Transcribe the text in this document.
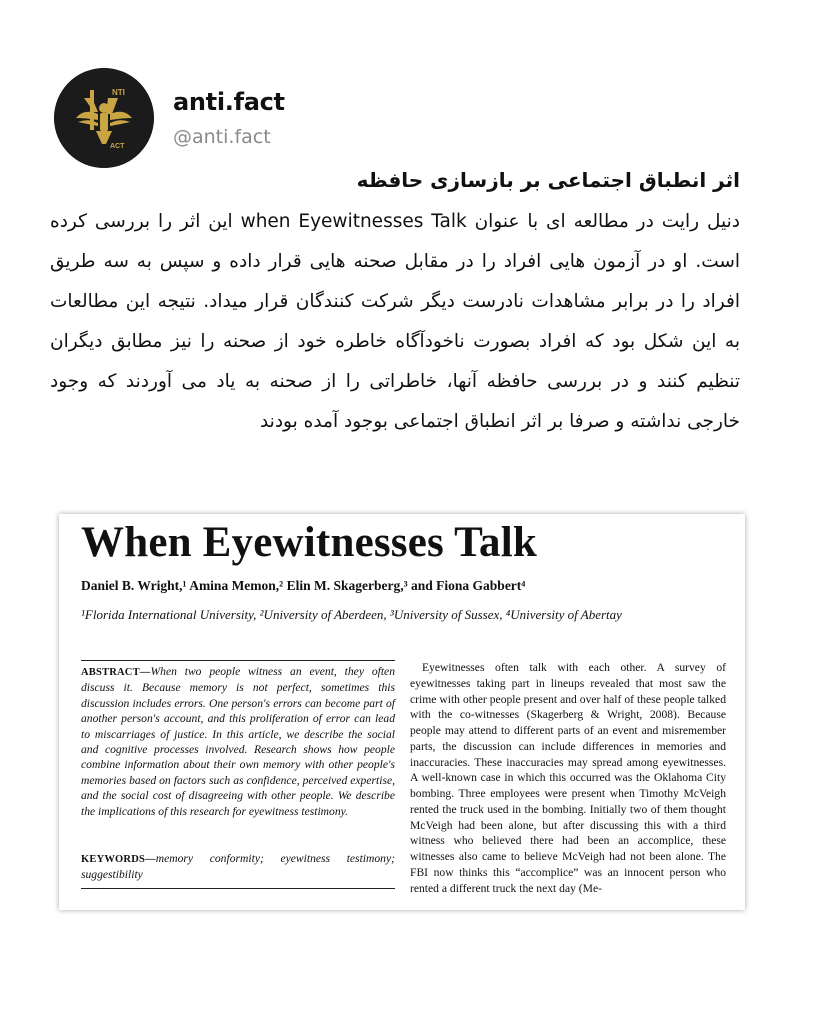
NTI
ACT
anti.fact
@anti.fact
اثر انطباق اجتماعی بر بازسازی حافظه
دنیل رایت در مطالعه ای با عنوان when Eyewitnesses Talk این اثر را بررسی کرده است. او در آزمون هایی افراد را در مقابل صحنه هایی قرار داده و سپس به سه طریق افراد را در برابر مشاهدات نادرست دیگر شرکت کنندگان قرار میداد. نتیجه این مطالعات به این شکل بود که افراد بصورت ناخودآگاه خاطره خود از صحنه را نیز مطابق دیگران تنظیم کنند و در بررسی حافظه آنها، خاطراتی را از صحنه به یاد می آوردند که وجود خارجی نداشته و صرفا بر اثر انطباق اجتماعی بوجود آمده بودند
When Eyewitnesses Talk
Daniel B. Wright,¹ Amina Memon,² Elin M. Skagerberg,³ and Fiona Gabbert⁴
¹Florida International University, ²University of Aberdeen, ³University of Sussex, ⁴University of Abertay
ABSTRACT—When two people witness an event, they often discuss it. Because memory is not perfect, sometimes this discussion includes errors. One person's errors can become part of another person's account, and this proliferation of error can lead to miscarriages of justice. In this article, we describe the social and cognitive processes involved. Research shows how people combine information about their own memory with other people's memories based on factors such as confidence, perceived expertise, and the social cost of disagreeing with other people. We describe the implications of this research for eyewitness testimony.
KEYWORDS—memory conformity; eyewitness testimony; suggestibility
Eyewitnesses often talk with each other. A survey of eyewitnesses taking part in lineups revealed that most saw the crime with other people present and over half of these people talked with the co-witnesses (Skagerberg & Wright, 2008). Because people may attend to different parts of an event and misremember parts, the discussion can include differences in memories and inaccuracies. These inaccuracies may spread among eyewitnesses. A well-known case in which this occurred was the Oklahoma City bombing. Three employees were present when Timothy McVeigh rented the truck used in the bombing. Initially two of them thought McVeigh had been alone, but after discussing this with a third witness who believed there had been an accomplice, these witnesses also came to believe McVeigh had not been alone. The FBI now thinks this “accomplice” was an innocent person who rented a different truck the next day (Me-
